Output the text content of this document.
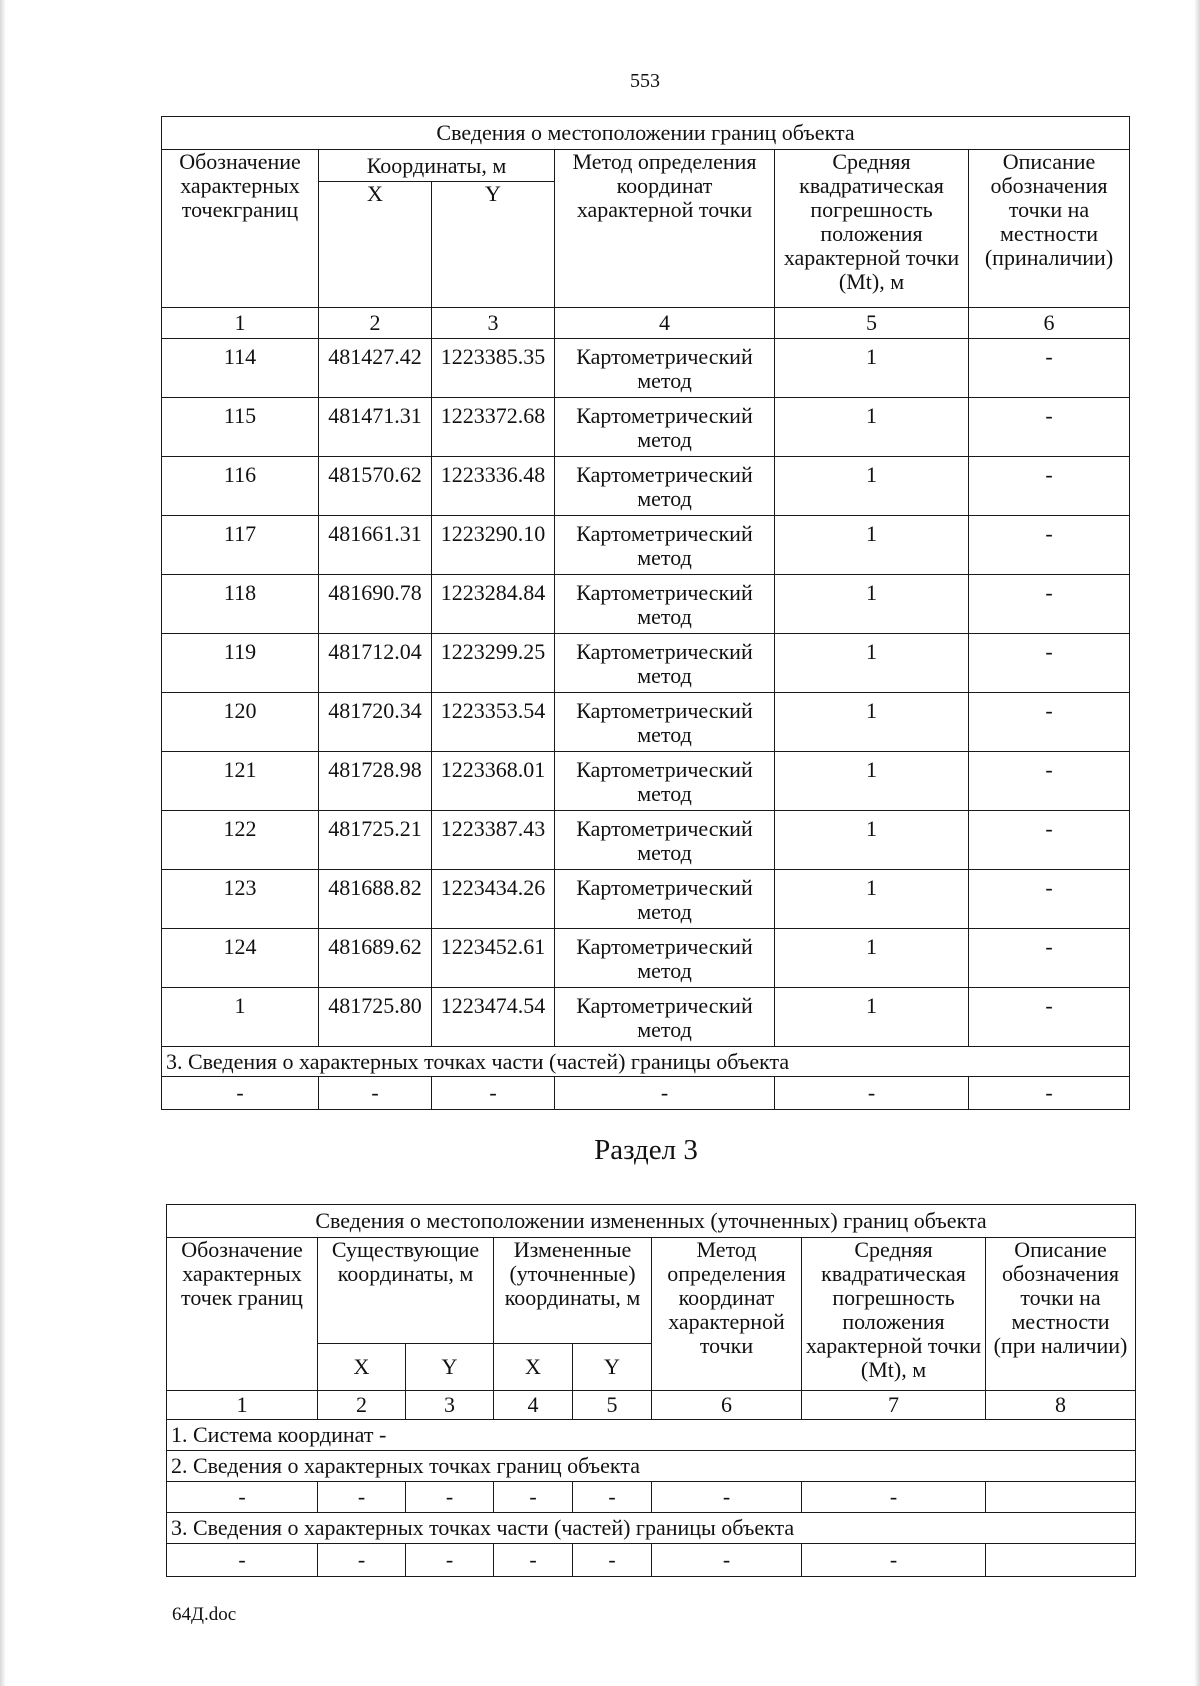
553
Сведения о местоположении границ объекта					
Обозначение характерных точекграниц	Координаты, м		Метод определения координат характерной точки	Средняя квадратическая погрешность положения характерной точки (Mt), м	Описание обозначения точки на местности (приналичии)
	X	Y			
1	2	3	4	5	6
114	481427.42	1223385.35	Картометрический метод	1	-
115	481471.31	1223372.68	Картометрический метод	1	-
116	481570.62	1223336.48	Картометрический метод	1	-
117	481661.31	1223290.10	Картометрический метод	1	-
118	481690.78	1223284.84	Картометрический метод	1	-
119	481712.04	1223299.25	Картометрический метод	1	-
120	481720.34	1223353.54	Картометрический метод	1	-
121	481728.98	1223368.01	Картометрический метод	1	-
122	481725.21	1223387.43	Картометрический метод	1	-
123	481688.82	1223434.26	Картометрический метод	1	-
124	481689.62	1223452.61	Картометрический метод	1	-
1	481725.80	1223474.54	Картометрический метод	1	-
3. Сведения о характерных точках части (частей) границы объекта					
-	-	-	-	-	-
Раздел 3
Сведения о местоположении измененных (уточненных) границ объекта							
Обозначение характерных точек границ	Существующие координаты, м		Измененные (уточненные) координаты, м		Метод определения координат характерной точки	Средняя квадратическая погрешность положения характерной точки (Mt), м	Описание обозначения точки на местности (при наличии)
	X	Y	X	Y			
1	2	3	4	5	6	7	8
1. Система координат -							
2. Сведения о характерных точках границ объекта							
-	-	-	-	-	-	-	
3. Сведения о характерных точках части (частей) границы объекта							
-	-	-	-	-	-	-	
64Д.doc
